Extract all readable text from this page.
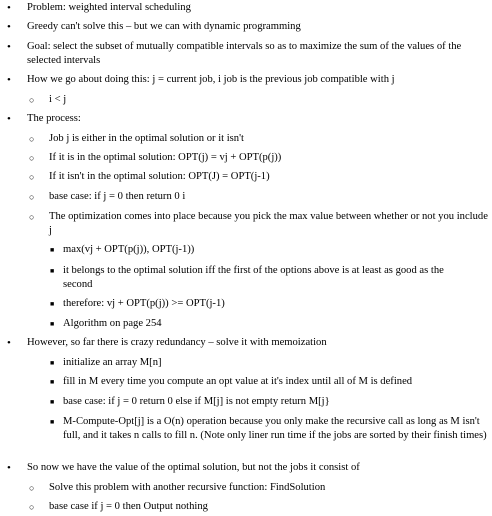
• Problem: weighted interval scheduling
• Greedy can't solve this – but we can with dynamic programming
• Goal: select the subset of mutually compatible intervals so as to maximize the sum of the values of the selected intervals
• How we go about doing this: j = current job, i job is the previous job compatible with j
○ i < j
• The process:
○ Job j is either in the optimal solution or it isn't
○ If it is in the optimal solution: OPT(j) = vj + OPT(p(j))
○ If it isn't in the optimal solution: OPT(J) = OPT(j-1)
○ base case: if j = 0 then return 0 i
○ The optimization comes into place because you pick the max value between whether or not you include j
■ max(vj + OPT(p(j)), OPT(j-1))
■ it belongs to the optimal solution iff the first of the options above is at least as good as the second
■ therefore: vj + OPT(p(j)) >= OPT(j-1)
■ Algorithm on page 254
• However, so far there is crazy redundancy – solve it with memoization
■ initialize an array M[n]
■ fill in M every time you compute an opt value at it's index until all of M is defined
■ base case: if j = 0 return 0 else if M[j] is not empty return M[j}
■ M-Compute-Opt[j] is a O(n) operation because you only make the recursive call as long as M isn't full, and it takes n calls to fill n. (Note only liner run time if the jobs are sorted by their finish times)
• So now we have the value of the optimal solution, but not the jobs it consist of
○ Solve this problem with another recursive function: FindSolution
○ base case if j = 0 then Output nothing
